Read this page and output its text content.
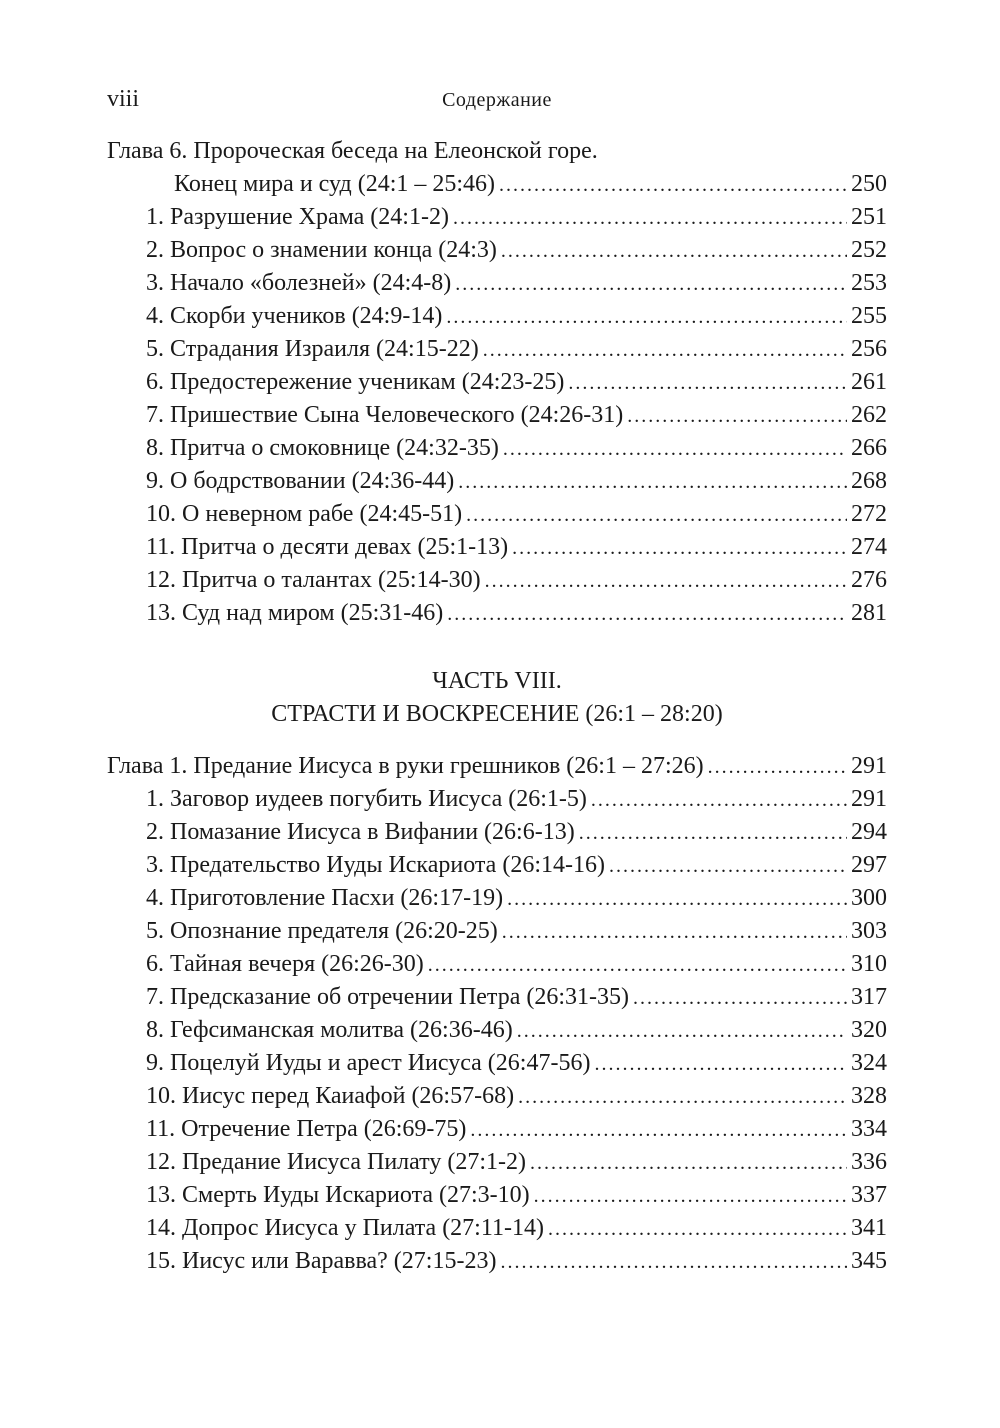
viii	Содержание
Глава 6. Пророческая беседа на Елеонской горе.
Конец мира и суд (24:1 – 25:46) .....	250
1. Разрушение Храма (24:1-2) .....	251
2. Вопрос о знамении конца (24:3) .....	252
3. Начало «болезней» (24:4-8) .....	253
4. Скорби учеников (24:9-14) .....	255
5. Страдания Израиля (24:15-22) .....	256
6. Предостережение ученикам (24:23-25) .....	261
7. Пришествие Сына Человеческого (24:26-31) .....	262
8. Притча о смоковнице (24:32-35) .....	266
9. О бодрствовании (24:36-44) .....	268
10. О неверном рабе (24:45-51) .....	272
11. Притча о десяти девах (25:1-13) .....	274
12. Притча о талантах (25:14-30) .....	276
13. Суд над миром (25:31-46) .....	281
ЧАСТЬ VIII.
СТРАСТИ И ВОСКРЕСЕНИЕ (26:1 – 28:20)
Глава 1. Предание Иисуса в руки грешников (26:1 – 27:26) .....	291
1. Заговор иудеев погубить Иисуса (26:1-5) .....	291
2. Помазание Иисуса в Вифании (26:6-13) .....	294
3. Предательство Иуды Искариота (26:14-16) .....	297
4. Приготовление Пасхи (26:17-19) .....	300
5. Опознание предателя (26:20-25) .....	303
6. Тайная вечеря (26:26-30) .....	310
7. Предсказание об отречении Петра (26:31-35) .....	317
8. Гефсиманская молитва (26:36-46) .....	320
9. Поцелуй Иуды и арест Иисуса (26:47-56) .....	324
10. Иисус перед Каиафой (26:57-68) .....	328
11. Отречение Петра (26:69-75) .....	334
12. Предание Иисуса Пилату (27:1-2) .....	336
13. Смерть Иуды Искариота (27:3-10) .....	337
14. Допрос Иисуса у Пилата (27:11-14) .....	341
15. Иисус или Варавва? (27:15-23) .....	345
